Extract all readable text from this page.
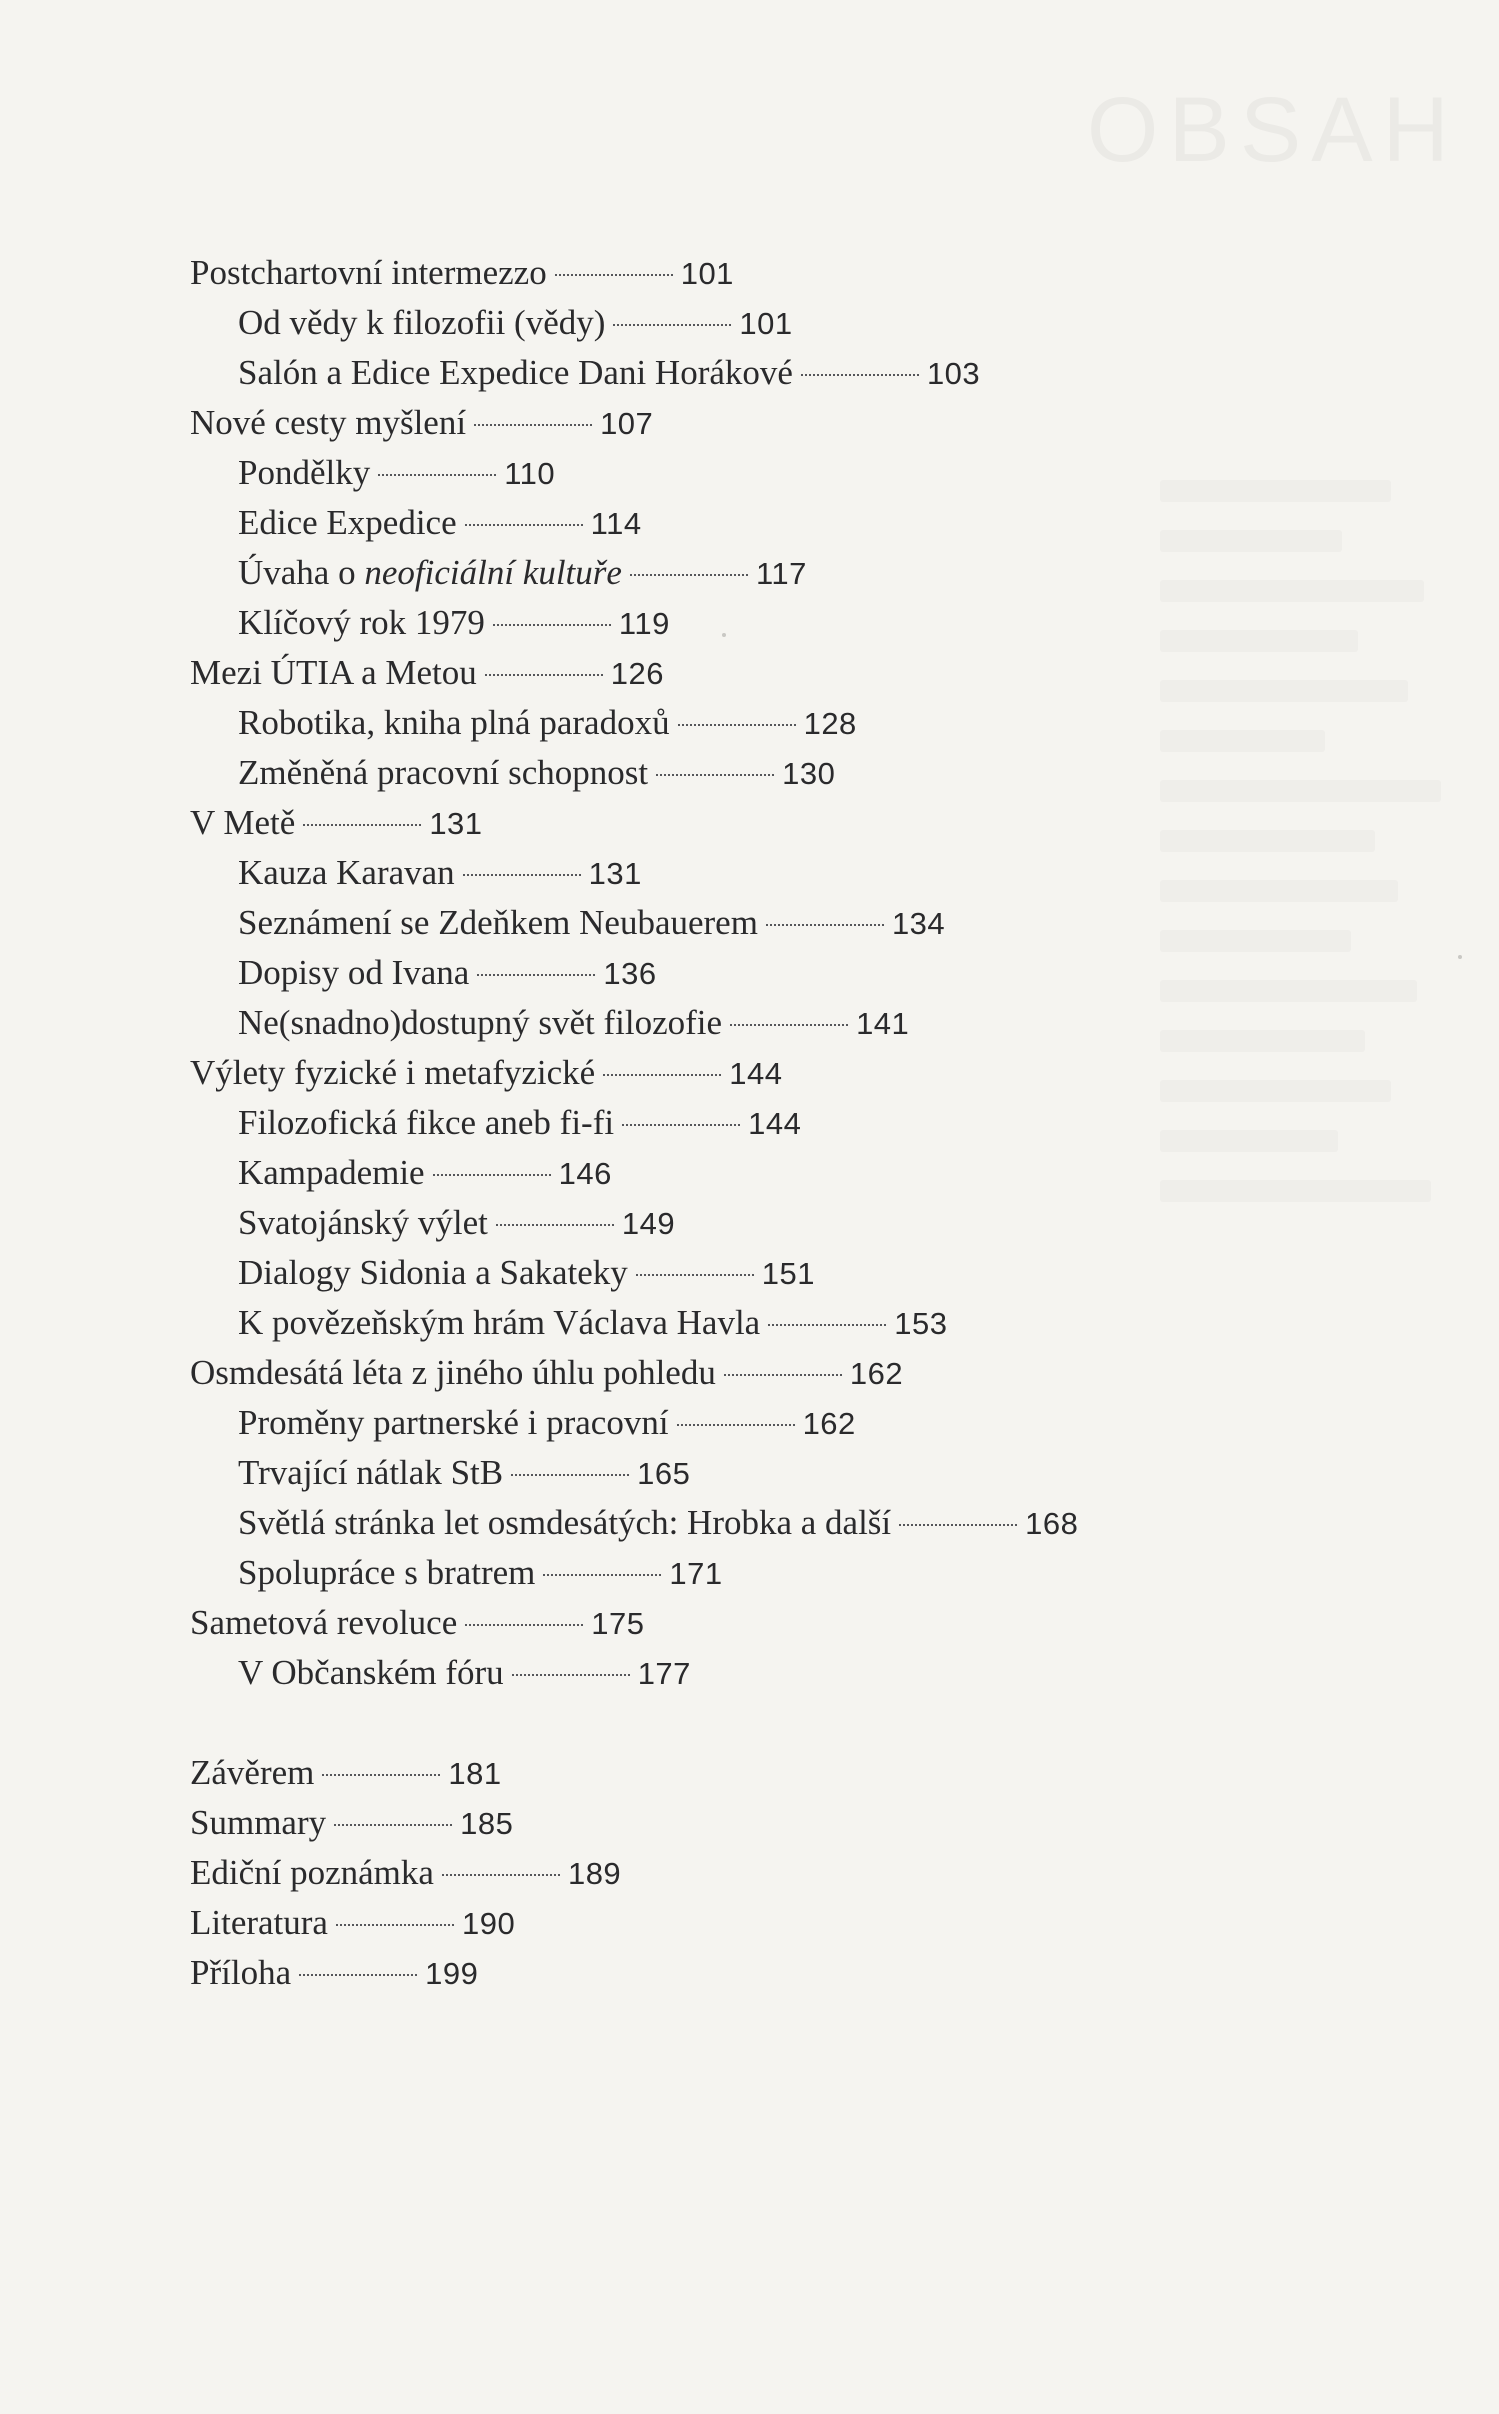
OBSAH
Postchartovní intermezzo	101
Od vědy k filozofii (vědy)	101
Salón a Edice Expedice Dani Horákové	103
Nové cesty myšlení	107
Pondělky	110
Edice Expedice	114
Úvaha o neoficiální kultuře	117
Klíčový rok 1979	119
Mezi ÚTIA a Metou	126
Robotika, kniha plná paradoxů	128
Změněná pracovní schopnost	130
V Metě	131
Kauza Karavan	131
Seznámení se Zdeňkem Neubauerem	134
Dopisy od Ivana	136
Ne(snadno)dostupný svět filozofie	141
Výlety fyzické i metafyzické	144
Filozofická fikce aneb fi-fi	144
Kampademie	146
Svatojánský výlet	149
Dialogy Sidonia a Sakateky	151
K povězeňským hrám Václava Havla	153
Osmdesátá léta z jiného úhlu pohledu	162
Proměny partnerské i pracovní	162
Trvající nátlak StB	165
Světlá stránka let osmdesátých: Hrobka a další	168
Spolupráce s bratrem	171
Sametová revoluce	175
V Občanském fóru	177
Závěrem	181
Summary	185
Ediční poznámka	189
Literatura	190
Příloha	199
